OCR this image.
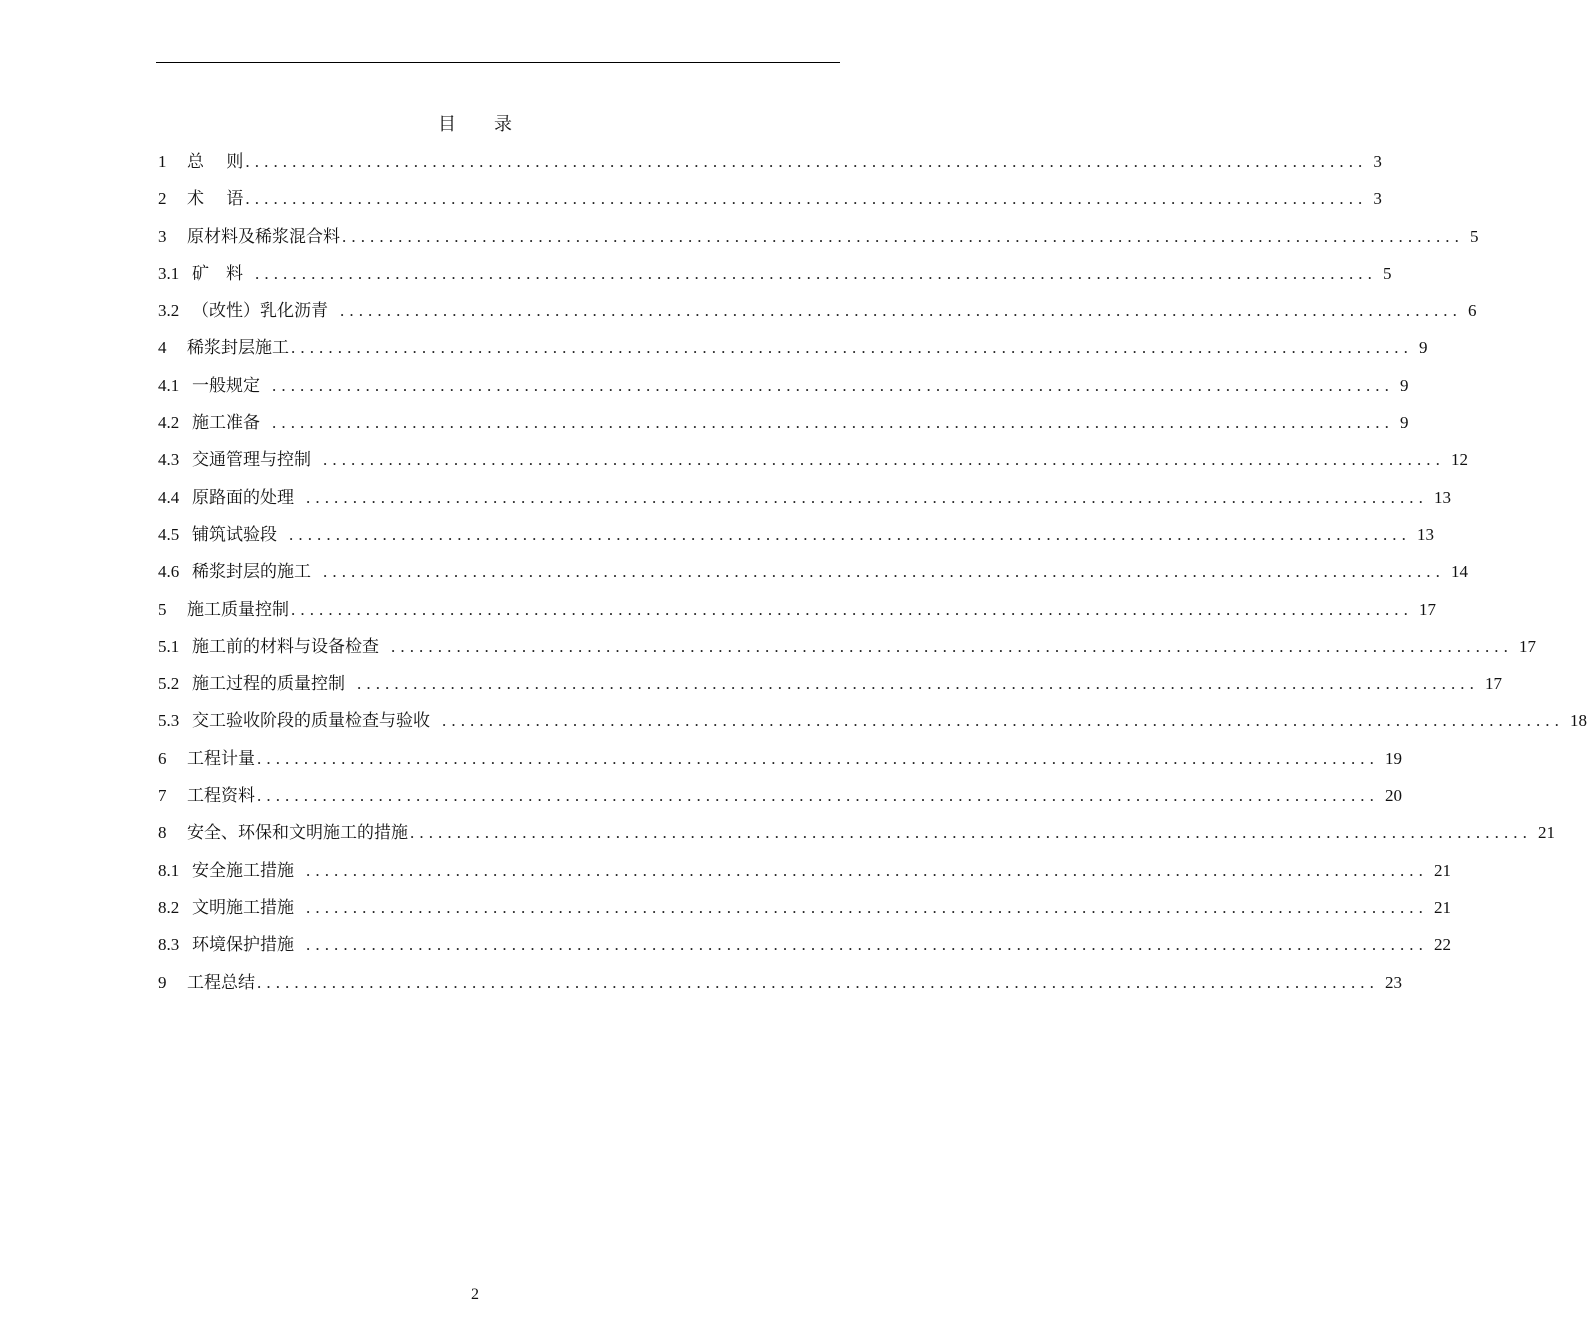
目 录
1	总　 则 ........................................................................................................................ 3
2	术　 语 ........................................................................................................................ 3
3	原材料及稀浆混合料 ........................................................................................................................ 5
3.1 矿　料 ........................................................................................................................ 5
3.2 （改性）乳化沥青 ........................................................................................................................ 6
4	稀浆封层施工 ........................................................................................................................ 9
4.1 一般规定 ........................................................................................................................ 9
4.2 施工准备 ........................................................................................................................ 9
4.3 交通管理与控制 ........................................................................................................................ 12
4.4 原路面的处理 ........................................................................................................................ 13
4.5 铺筑试验段 ........................................................................................................................ 13
4.6 稀浆封层的施工 ........................................................................................................................ 14
5	施工质量控制 ........................................................................................................................ 17
5.1 施工前的材料与设备检查 ........................................................................................................................ 17
5.2 施工过程的质量控制 ........................................................................................................................ 17
5.3 交工验收阶段的质量检查与验收 ........................................................................................................................ 18
6	工程计量 ........................................................................................................................ 19
7	工程资料 ........................................................................................................................ 20
8	安全、环保和文明施工的措施 ........................................................................................................................ 21
8.1 安全施工措施 ........................................................................................................................ 21
8.2 文明施工措施 ........................................................................................................................ 21
8.3 环境保护措施 ........................................................................................................................ 22
9	工程总结 ........................................................................................................................ 23
2
